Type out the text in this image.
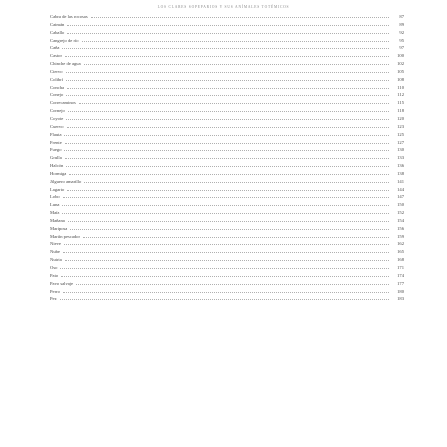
LOS CLARES SOPEPARIOS Y SUS ANÍMALES TOTÉMICOS
Cabra de las rocosas	87
Caimán	89
Caballo	92
Cangrejo de río	95
Caña	97
Castor	100
Chinche de agua	102
Ciervo	105
Colibrí	108
Concha	110
Conejo	112
Correcaminos	115
Cornejo	118
Coyote	120
Cuervo	123
Flauta	125
Frente	127
Fuego	130
Grulla	133
Halcón	136
Hormiga	138
Jilguero amarillo	141
Lagarto	144
Lobo	147
Luna	150
Maíz	152
Mañana	154
Mariposa	156
Martín pescador	159
Nieve	162
Nube	165
Nutria	168
Oso	171
Pato	174
Pavo salvaje	177
Perro	180
Pez	183
